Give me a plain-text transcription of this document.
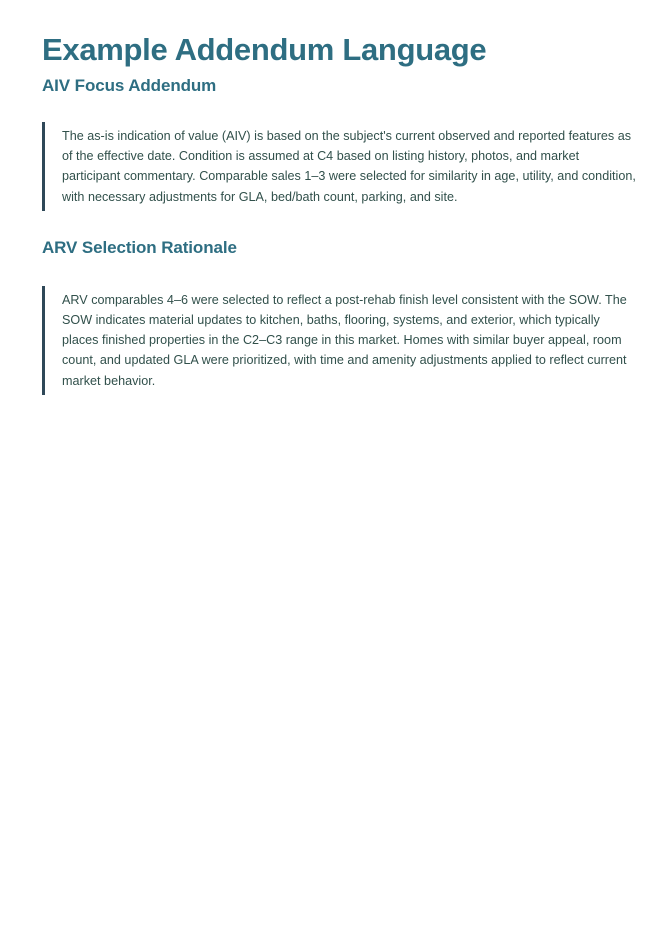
Example Addendum Language
AIV Focus Addendum

The as-is indication of value (AIV) is based on the subject's current observed and reported features as of the effective date. Condition is assumed at C4 based on listing history, photos, and market participant commentary. Comparable sales 1–3 were selected for similarity in age, utility, and condition, with necessary adjustments for GLA, bed/bath count, parking, and site.

ARV Selection Rationale

ARV comparables 4–6 were selected to reflect a post-rehab finish level consistent with the SOW. The SOW indicates material updates to kitchen, baths, flooring, systems, and exterior, which typically places finished properties in the C2–C3 range in this market. Homes with similar buyer appeal, room count, and updated GLA were prioritized, with time and amenity adjustments applied to reflect current market behavior.
